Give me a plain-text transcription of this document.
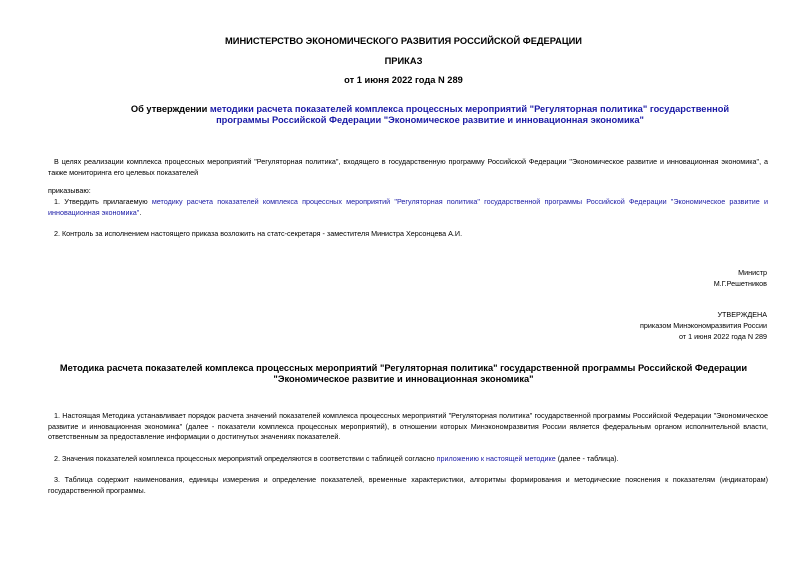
МИНИСТЕРСТВО ЭКОНОМИЧЕСКОГО РАЗВИТИЯ РОССИЙСКОЙ ФЕДЕРАЦИИ
ПРИКАЗ
от 1 июня 2022 года N 289
Об утверждении методики расчета показателей комплекса процессных мероприятий "Регуляторная политика" государственной программы Российской Федерации "Экономическое развитие и инновационная экономика"
В целях реализации комплекса процессных мероприятий "Регуляторная политика", входящего в государственную программу Российской Федерации "Экономическое развитие и инновационная экономика", а также мониторинга его целевых показателей
приказываю:
1. Утвердить прилагаемую методику расчета показателей комплекса процессных мероприятий "Регуляторная политика" государственной программы Российской Федерации "Экономическое развитие и инновационная экономика".
2. Контроль за исполнением настоящего приказа возложить на статс-секретаря - заместителя Министра Херсонцева А.И.
Министр
М.Г.Решетников
УТВЕРЖДЕНА
приказом Минэкономразвития России
от 1 июня 2022 года N 289
Методика расчета показателей комплекса процессных мероприятий "Регуляторная политика" государственной программы Российской Федерации
"Экономическое развитие и инновационная экономика"
1. Настоящая Методика устанавливает порядок расчета значений показателей комплекса процессных мероприятий "Регуляторная политика" государственной программы Российской Федерации "Экономическое развитие и инновационная экономика" (далее - показатели комплекса процессных мероприятий), в отношении которых Минэкономразвития России является федеральным органом исполнительной власти, ответственным за предоставление информации о достигнутых значениях показателей.
2. Значения показателей комплекса процессных мероприятий определяются в соответствии с таблицей согласно приложению к настоящей методике (далее - таблица).
3. Таблица содержит наименования, единицы измерения и определение показателей, временные характеристики, алгоритмы формирования и методические пояснения к показателям (индикаторам) государственной программы.
